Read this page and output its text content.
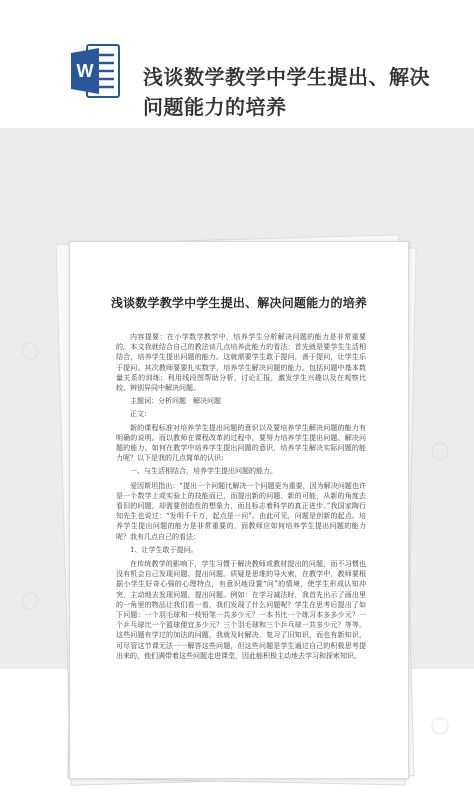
W 浅谈数学教学中学生提出、解决问题能力的培养
浅谈数学教学中学生提出、解决问题能力的培养

内容提要：在小学数学教学中，培养学生分析解决问题的能力是非常重要的。本文我就结合自己的教法谈几点培养此能力的看法：首先就是要学生生活相结合，培养学生提出问题的能力。这就需要学生敢于提问，善于提问，让学生乐于提问。其次教师要要扎实数学，培养学生解决问题的能力。包括问题中基本数量关系的训练；利用线段图帮助分析，讨论汇报，激发学生兴趣以及在观察比较、辨别异同中解决问题。

主题词：分析问题　解决问题

正文：

新的课程标准对培养学生提出问题的意识以及要培养学生解决问题的能力有明确的说明。而以教师在课程改革的过程中，要努力培养学生提出问题、解决问题的能力。如何在教学中培养学生提出问题的意识，培养学生解决实际问题的能力呢？以下是我的几点简单的认识：

一、与生活相结合，培养学生提出问题的能力。

爱因斯坦指出：“提出一个问题比解决一个问题更为重要，因为解决问题也许是一个数学上或实验上的技能而已，而提出新的问题、新的可能，从新的角度去看旧的问题，却需要创造性的想象力，而且标志着科学的真正进步。”我国家陶行知先生也说过：“发明千千万，起点是一问”。由此可见，问题是创新的起点。培养学生提出问题的能力是非常重要的，而教师应如何培养学生提出问题的能力呢？我有几点自己的看法：

1、让学生敢于提问。

在传统教学的影响下，学生习惯于解决教师或教材提出的问题，而不习惯也没有机会自己发现问题、提出问题。质疑是思维的导火索，在教学中，教师要根据小学生好奇心强的心理特点，有意识地设置“问”的情境，使学生形成认知冲突，主动地去发现问题、提出问题。例如：在学习减法时，我首先出示了画出里的一角里的物品让我们看一看，我们发现了什么问题呢？学生在思考后提出了如下问题：一个羽毛球和一枝铅笔一共多少元？一本书比一个练习本多多少元？一个乒乓球比一个篮球便宜多少元？三个羽毛球和三个乒乓球一共多少元？等等。这些问题有学过的加法的问题，我就及时解决，复习了旧知识，而也有新知识，可尽管这节课无法一一解答这些问题，但这些问题是学生通过自己的积极思考提出来的，他们满带着这些问题走进课堂，因此能积极主动地去学习和探索知识。
